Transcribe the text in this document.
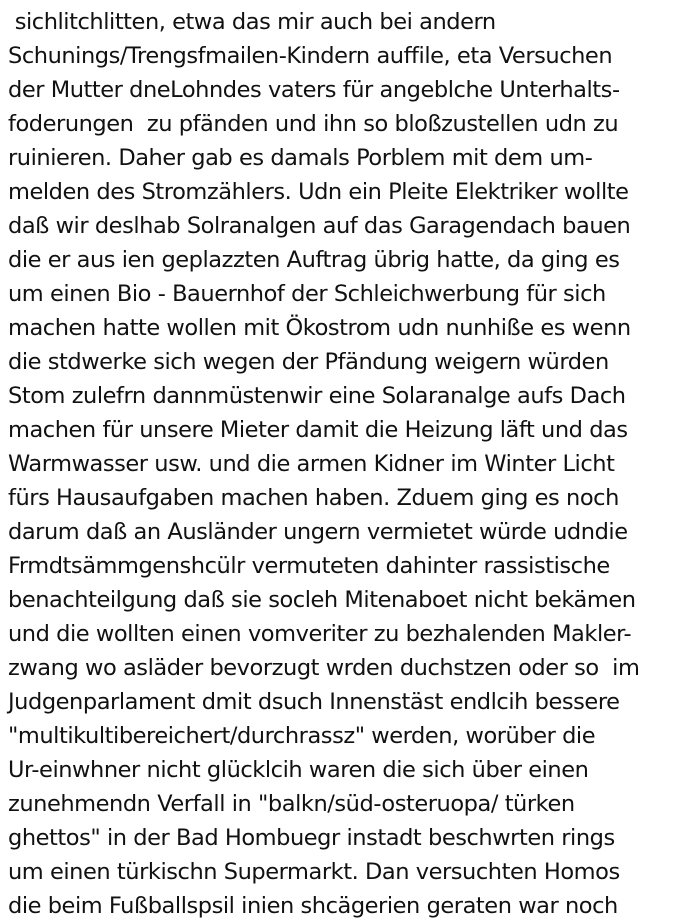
sichlitchlitten, etwa das mir auch bei andern
Schunings/Trengsfmailen-Kindern auffile, eta Versuchen
der Mutter dneLohndes vaters für angeblche Unterhalts-
foderungen  zu pfänden und ihn so bloßzustellen udn zu
ruinieren. Daher gab es damals Porblem mit dem um-
melden des Stromzählers. Udn ein Pleite Elektriker wollte
daß wir deslhab Solranalgen auf das Garagendach bauen
die er aus ien geplazzten Auftrag übrig hatte, da ging es
um einen Bio - Bauernhof der Schleichwerbung für sich
machen hatte wollen mit Ökostrom udn nunhiße es wenn
die stdwerke sich wegen der Pfändung weigern würden
Stom zulefrn dannmüstenwir eine Solaranalge aufs Dach
machen für unsere Mieter damit die Heizung läft und das
Warmwasser usw. und die armen Kidner im Winter Licht
fürs Hausaufgaben machen haben. Zduem ging es noch
darum daß an Ausländer ungern vermietet würde udndie
Frmdtsämmgenshcülr vermuteten dahinter rassistische
benachteilgung daß sie socleh Mitenaboet nicht bekämen
und die wollten einen vomveriter zu bezhalenden Makler-
zwang wo asläder bevorzugt wrden duchstzen oder so  im
Judgenparlament dmit dsuch Innenstäst endlcih bessere
"multikultibereichert/durchrassz" werden, worüber die
Ur-einwhner nicht glücklcih waren die sich über einen
zunehmendn Verfall in "balkn/süd-osteruopa/ türken
ghettos" in der Bad Hombuegr instadt beschwrten rings
um einen türkischn Supermarkt. Dan versuchten Homos
die beim Fußballspsil inien shcägerien geraten war noch
